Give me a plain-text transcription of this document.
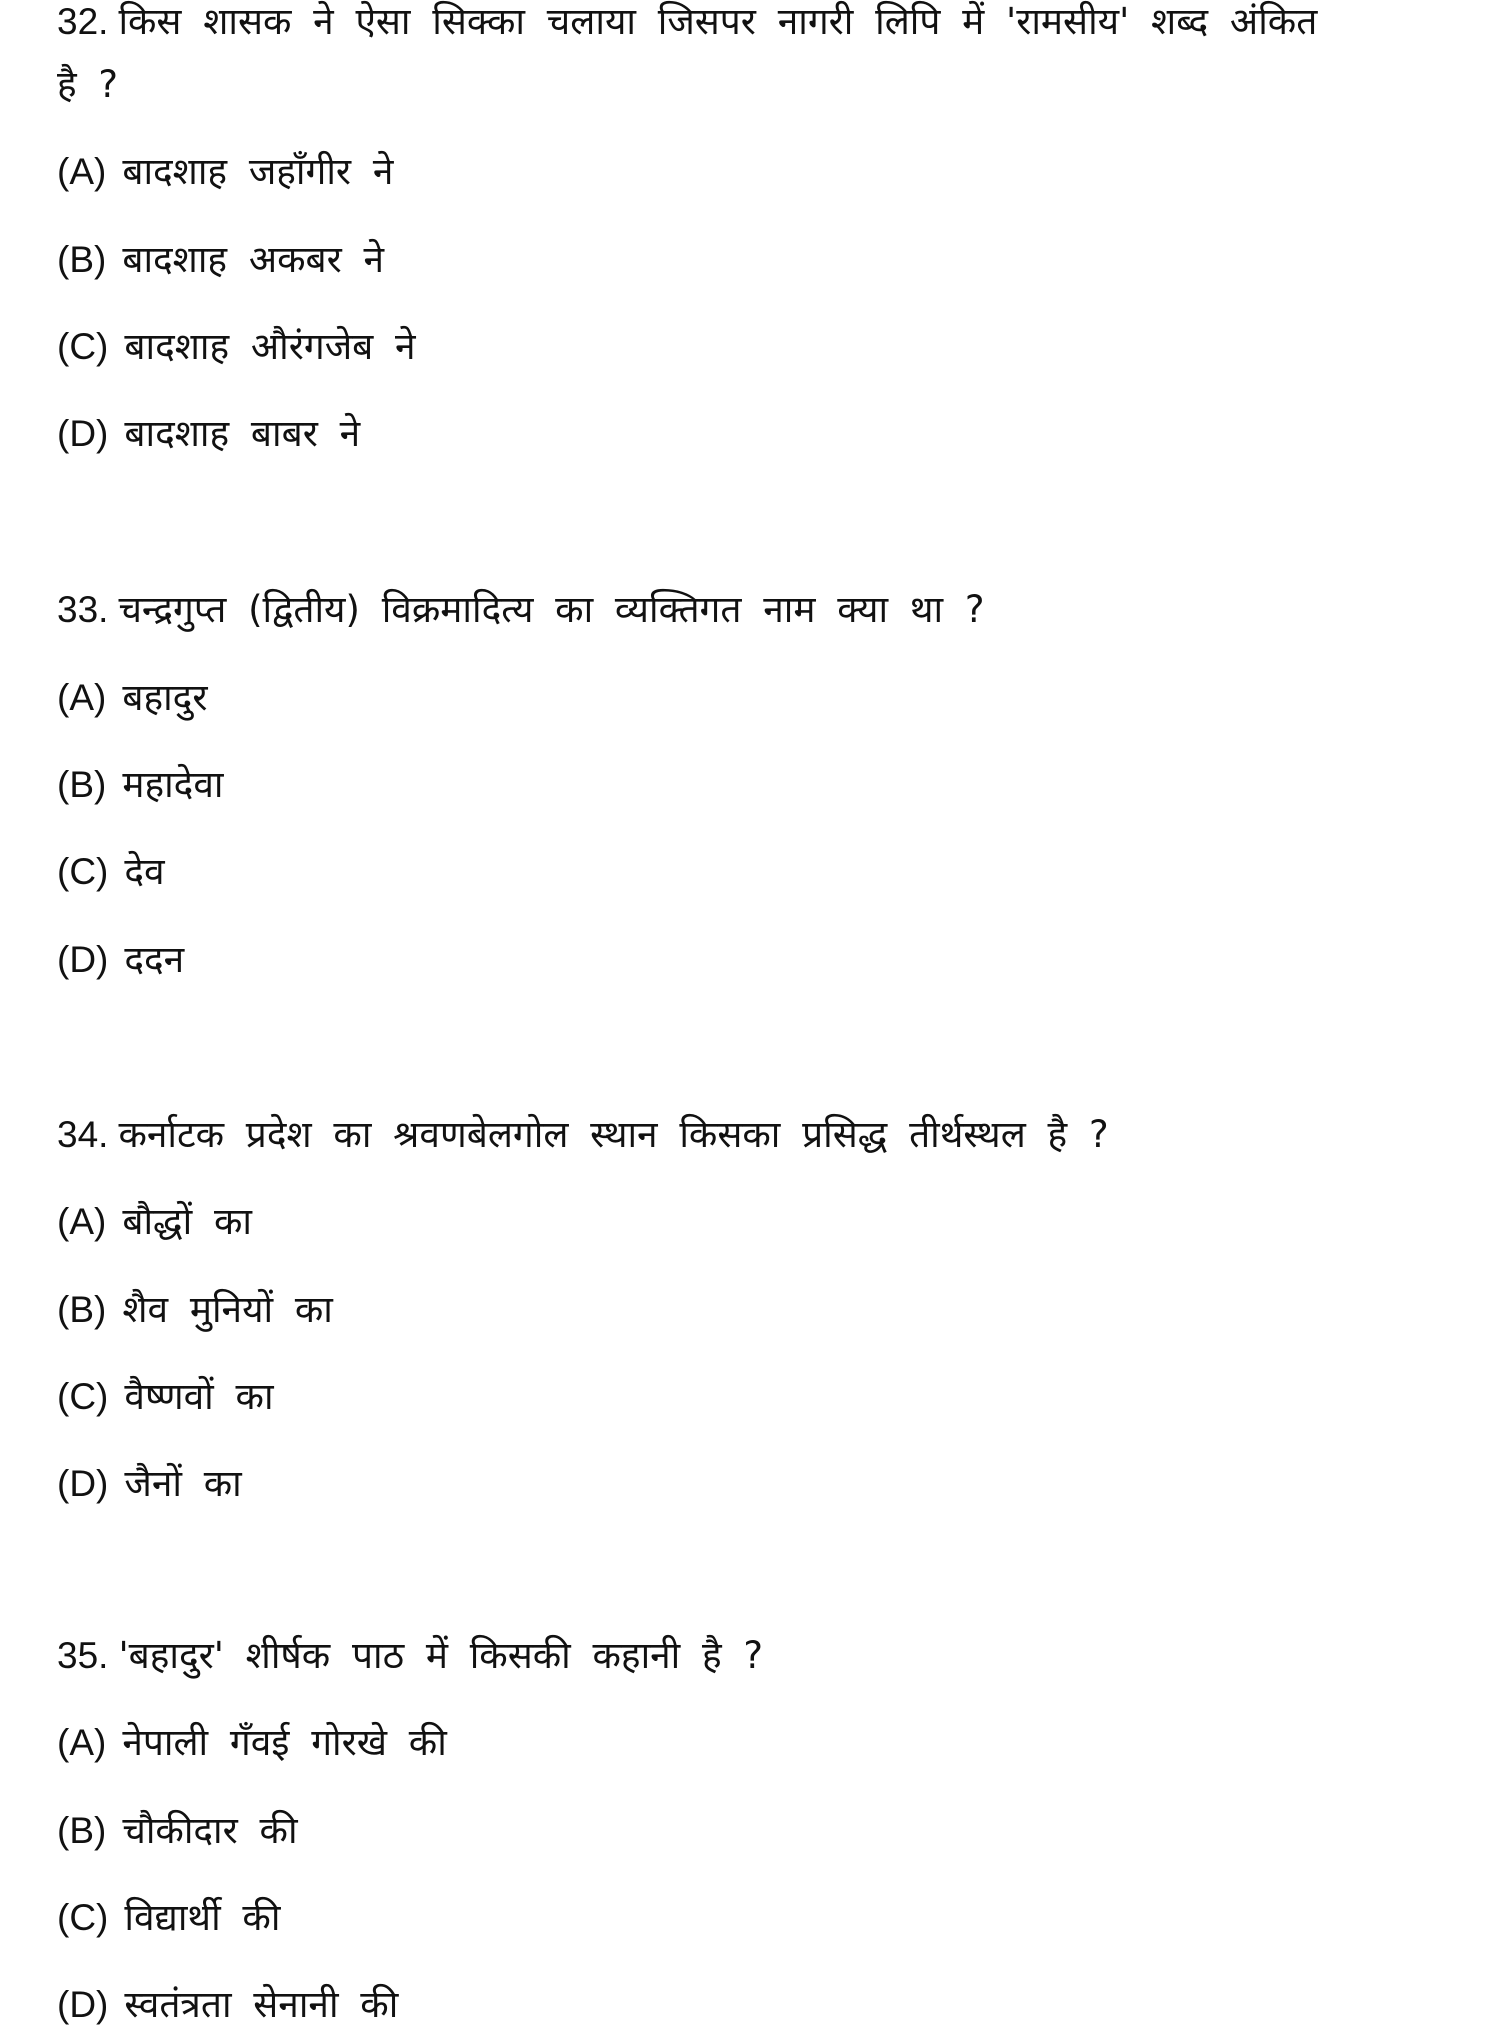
32. किस शासक ने ऐसा सिक्का चलाया जिसपर नागरी लिपि में 'रामसीय' शब्द अंकित
है ?
(A) बादशाह जहाँगीर ने
(B) बादशाह अकबर ने
(C) बादशाह औरंगजेब ने
(D) बादशाह बाबर ने
33. चन्द्रगुप्त (द्वितीय) विक्रमादित्य का व्यक्तिगत नाम क्या था ?
(A) बहादुर
(B) महादेवा
(C) देव
(D) ददन
34. कर्नाटक प्रदेश का श्रवणबेलगोल स्थान किसका प्रसिद्ध तीर्थस्थल है ?
(A) बौद्धों का
(B) शैव मुनियों का
(C) वैष्णवों का
(D) जैनों का
35. 'बहादुर' शीर्षक पाठ में किसकी कहानी है ?
(A) नेपाली गँवई गोरखे की
(B) चौकीदार की
(C) विद्यार्थी की
(D) स्वतंत्रता सेनानी की
